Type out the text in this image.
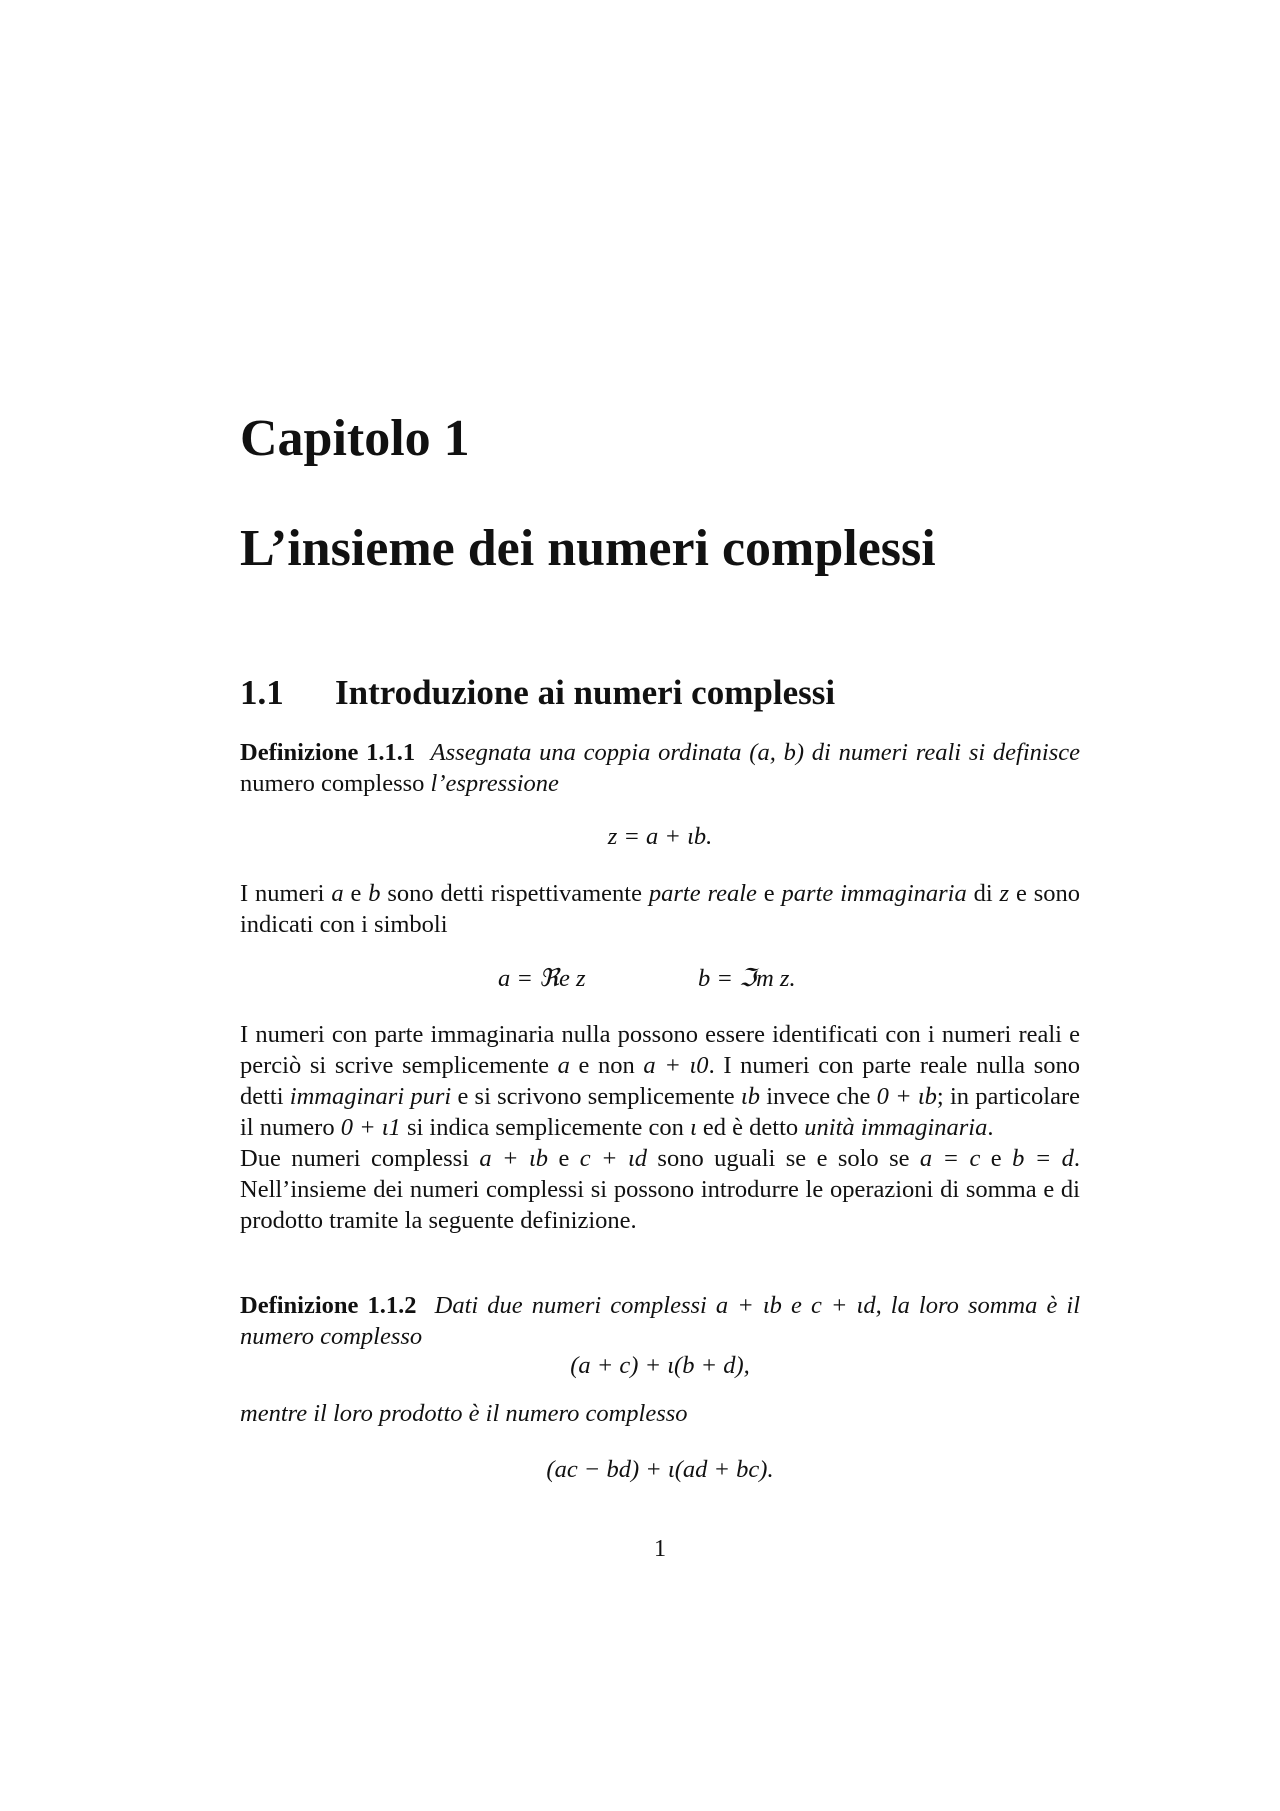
Capitolo 1
L’insieme dei numeri complessi
1.1 Introduzione ai numeri complessi

Definizione 1.1.1 Assegnata una coppia ordinata (a, b) di numeri reali si definisce numero complesso l’espressione

z = a + ιb.

I numeri a e b sono detti rispettivamente parte reale e parte immaginaria di z e sono indicati con i simboli

a = ℜe z	b = ℑm z.

I numeri con parte immaginaria nulla possono essere identificati con i numeri reali e perciò si scrive semplicemente a e non a + ι0. I numeri con parte reale nulla sono detti immaginari puri e si scrivono semplicemente ιb invece che 0 + ιb; in particolare il numero 0 + ι1 si indica semplicemente con ι ed è detto unità immaginaria.

Due numeri complessi a + ιb e c + ιd sono uguali se e solo se a = c e b = d. Nell’insieme dei numeri complessi si possono introdurre le operazioni di somma e di prodotto tramite la seguente definizione.

Definizione 1.1.2 Dati due numeri complessi a + ιb e c + ιd, la loro somma è il numero complesso

(a + c) + ι(b + d),

mentre il loro prodotto è il numero complesso

(ac − bd) + ι(ad + bc).
1
